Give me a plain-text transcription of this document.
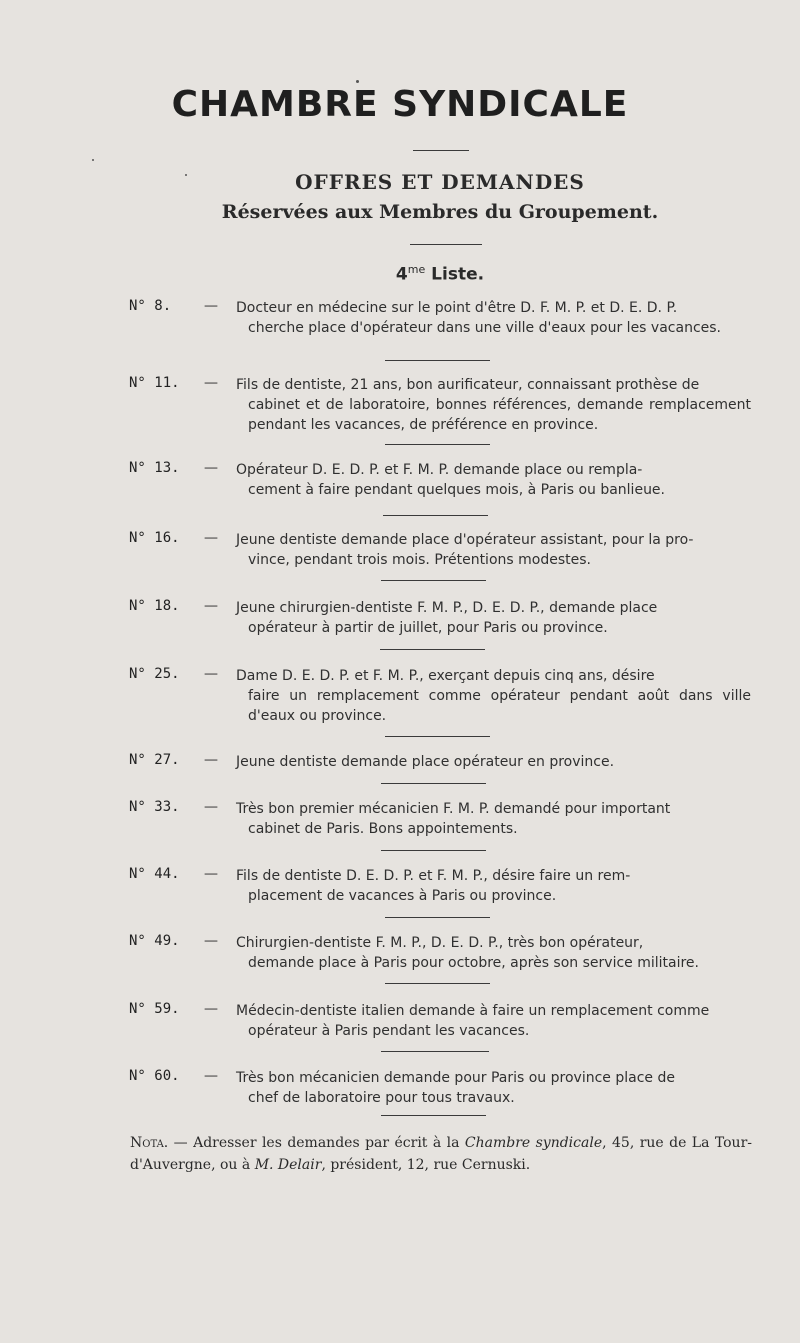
CHAMBRE SYNDICALE
OFFRES ET DEMANDES
Réservées aux Membres du Groupement.
$4^{me}$ Liste.
N° 8. — Docteur en médecine sur le point d'être D. F. M. P. et D. E. D. P.
cherche place d'opérateur dans une ville d'eaux pour les vacances.
N° 11. — Fils de dentiste, 21 ans, bon aurificateur, connaissant prothèse de
cabinet et de laboratoire, bonnes références, demande remplacement pendant les vacances, de préférence en province.
N° 13. — Opérateur D. E. D. P. et F. M. P. demande place ou rempla-
cement à faire pendant quelques mois, à Paris ou banlieue.
N° 16. — Jeune dentiste demande place d'opérateur assistant, pour la pro-
vince, pendant trois mois. Prétentions modestes.
N° 18. — Jeune chirurgien-dentiste F. M. P., D. E. D. P., demande place
opérateur à partir de juillet, pour Paris ou province.
N° 25. — Dame D. E. D. P. et F. M. P., exerçant depuis cinq ans, désire
faire un remplacement comme opérateur pendant août dans ville d'eaux ou province.
N° 27. — Jeune dentiste demande place opérateur en province.
N° 33. — Très bon premier mécanicien F. M. P. demandé pour important
cabinet de Paris. Bons appointements.
N° 44. — Fils de dentiste D. E. D. P. et F. M. P., désire faire un rem-
placement de vacances à Paris ou province.
N° 49. — Chirurgien-dentiste F. M. P., D. E. D. P., très bon opérateur,
demande place à Paris pour octobre, après son service militaire.
N° 59. — Médecin-dentiste italien demande à faire un remplacement comme
opérateur à Paris pendant les vacances.
N° 60. — Très bon mécanicien demande pour Paris ou province place de
chef de laboratoire pour tous travaux.
Nota. — Adresser les demandes par écrit à la Chambre syndicale, 45, rue de La Tour-d'Auvergne, ou à M. Delair, président, 12, rue Cernuski.
